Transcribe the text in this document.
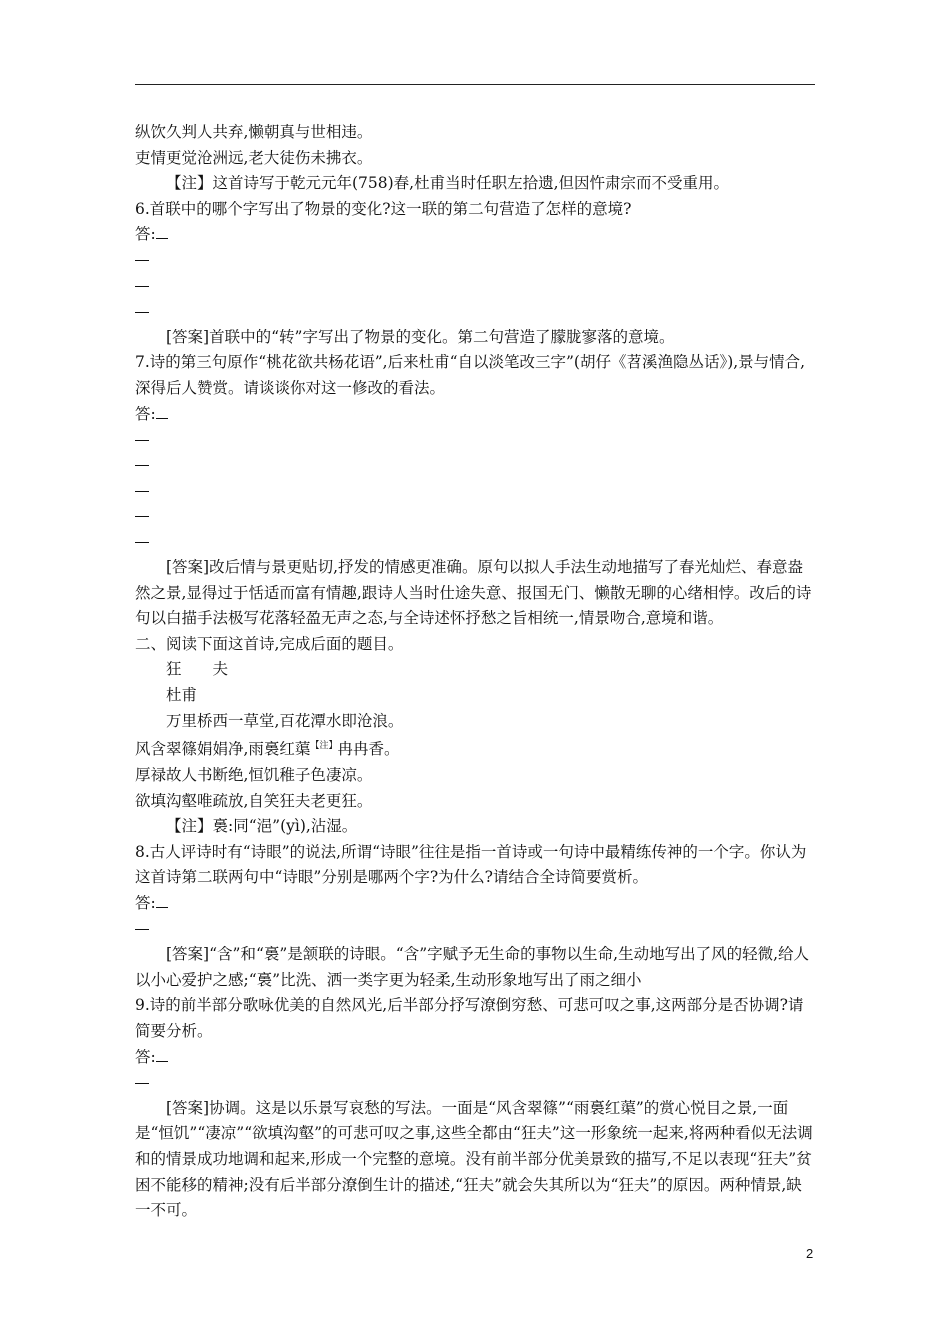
纵饮久判人共弃,懒朝真与世相违。

吏情更觉沧洲远,老大徒伤未拂衣。

【注】这首诗写于乾元元年(758)春,杜甫当时任职左拾遗,但因忤肃宗而不受重用。

6.首联中的哪个字写出了物景的变化?这一联的第二句营造了怎样的意境?

答:

[答案]首联中的“转”字写出了物景的变化。第二句营造了朦胧寥落的意境。

7.诗的第三句原作“桃花欲共杨花语”,后来杜甫“自以淡笔改三字”(胡仔《苕溪渔隐丛话》),景与情合,深得后人赞赏。请谈谈你对这一修改的看法。

答:

[答案]改后情与景更贴切,抒发的情感更准确。原句以拟人手法生动地描写了春光灿烂、春意盎然之景,显得过于恬适而富有情趣,跟诗人当时仕途失意、报国无门、懒散无聊的心绪相悖。改后的诗句以白描手法极写花落轻盈无声之态,与全诗述怀抒愁之旨相统一,情景吻合,意境和谐。

二、阅读下面这首诗,完成后面的题目。

狂　　夫

杜甫

万里桥西一草堂,百花潭水即沧浪。

风含翠篠娟娟净,雨裛红蕖$^{【注】}$冉冉香。

厚禄故人书断绝,恒饥稚子色凄凉。

欲填沟壑唯疏放,自笑狂夫老更狂。

【注】裛:同“浥”(yì),沾湿。

8.古人评诗时有“诗眼”的说法,所谓“诗眼”往往是指一首诗或一句诗中最精练传神的一个字。你认为这首诗第二联两句中“诗眼”分别是哪两个字?为什么?请结合全诗简要赏析。

答:

[答案]“含”和“裛”是颔联的诗眼。“含”字赋予无生命的事物以生命,生动地写出了风的轻微,给人以小心爱护之感;“裛”比洗、洒一类字更为轻柔,生动形象地写出了雨之细小

9.诗的前半部分歌咏优美的自然风光,后半部分抒写潦倒穷愁、可悲可叹之事,这两部分是否协调?请简要分析。

答:

[答案]协调。这是以乐景写哀愁的写法。一面是“风含翠篠”“雨裛红蕖”的赏心悦目之景,一面是“恒饥”“凄凉”“欲填沟壑”的可悲可叹之事,这些全都由“狂夫”这一形象统一起来,将两种看似无法调和的情景成功地调和起来,形成一个完整的意境。没有前半部分优美景致的描写,不足以表现“狂夫”贫困不能移的精神;没有后半部分潦倒生计的描述,“狂夫”就会失其所以为“狂夫”的原因。两种情景,缺一不可。

2
